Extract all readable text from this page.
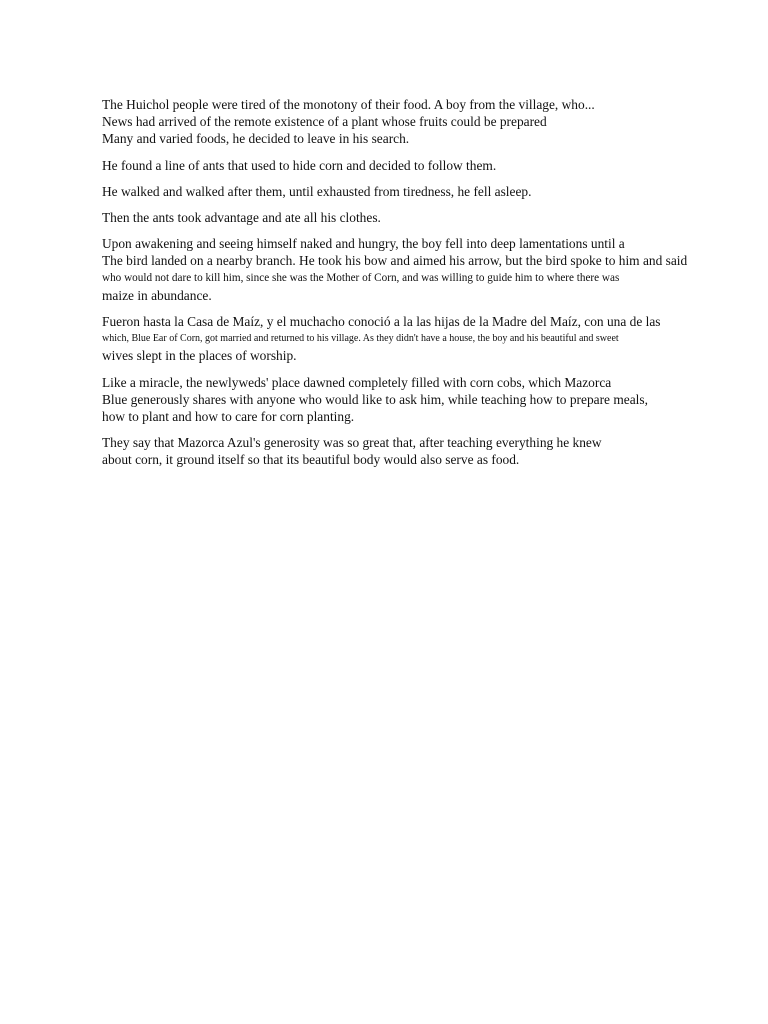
The Huichol people were tired of the monotony of their food. A boy from the village, who...
News had arrived of the remote existence of a plant whose fruits could be prepared
Many and varied foods, he decided to leave in his search.

He found a line of ants that used to hide corn and decided to follow them.

He walked and walked after them, until exhausted from tiredness, he fell asleep.

Then the ants took advantage and ate all his clothes.

Upon awakening and seeing himself naked and hungry, the boy fell into deep lamentations until a
The bird landed on a nearby branch. He took his bow and aimed his arrow, but the bird spoke to him and said
who would not dare to kill him, since she was the Mother of Corn, and was willing to guide him to where there was
maize in abundance.

Fueron hasta la Casa de Maíz, y el muchacho conoció a la las hijas de la Madre del Maíz, con una de las
which, Blue Ear of Corn, got married and returned to his village. As they didn't have a house, the boy and his beautiful and sweet
wives slept in the places of worship.

Like a miracle, the newlyweds' place dawned completely filled with corn cobs, which Mazorca
Blue generously shares with anyone who would like to ask him, while teaching how to prepare meals,
how to plant and how to care for corn planting.

They say that Mazorca Azul's generosity was so great that, after teaching everything he knew
about corn, it ground itself so that its beautiful body would also serve as food.
